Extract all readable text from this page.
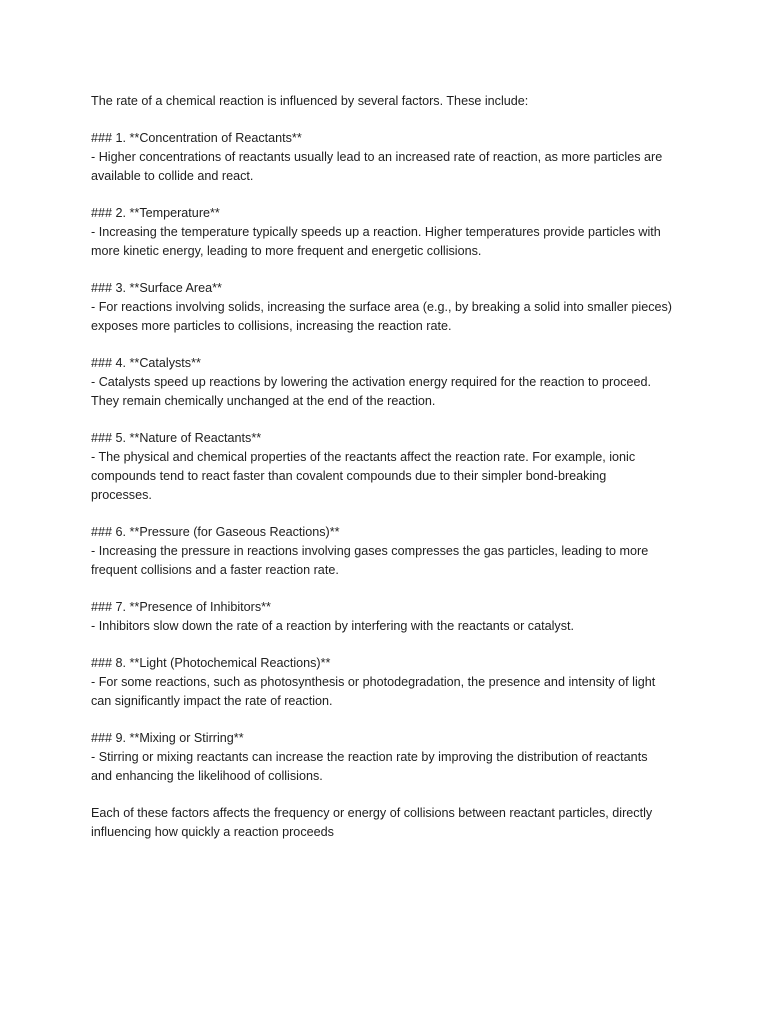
The rate of a chemical reaction is influenced by several factors. These include:
### 1. **Concentration of Reactants**
- Higher concentrations of reactants usually lead to an increased rate of reaction, as more particles are
available to collide and react.
### 2. **Temperature**
- Increasing the temperature typically speeds up a reaction. Higher temperatures provide particles with
more kinetic energy, leading to more frequent and energetic collisions.
### 3. **Surface Area**
- For reactions involving solids, increasing the surface area (e.g., by breaking a solid into smaller pieces)
exposes more particles to collisions, increasing the reaction rate.
### 4. **Catalysts**
- Catalysts speed up reactions by lowering the activation energy required for the reaction to proceed.
They remain chemically unchanged at the end of the reaction.
### 5. **Nature of Reactants**
- The physical and chemical properties of the reactants affect the reaction rate. For example, ionic
compounds tend to react faster than covalent compounds due to their simpler bond-breaking
processes.
### 6. **Pressure (for Gaseous Reactions)**
- Increasing the pressure in reactions involving gases compresses the gas particles, leading to more
frequent collisions and a faster reaction rate.
### 7. **Presence of Inhibitors**
- Inhibitors slow down the rate of a reaction by interfering with the reactants or catalyst.
### 8. **Light (Photochemical Reactions)**
- For some reactions, such as photosynthesis or photodegradation, the presence and intensity of light
can significantly impact the rate of reaction.
### 9. **Mixing or Stirring**
- Stirring or mixing reactants can increase the reaction rate by improving the distribution of reactants
and enhancing the likelihood of collisions.
Each of these factors affects the frequency or energy of collisions between reactant particles, directly
influencing how quickly a reaction proceeds
